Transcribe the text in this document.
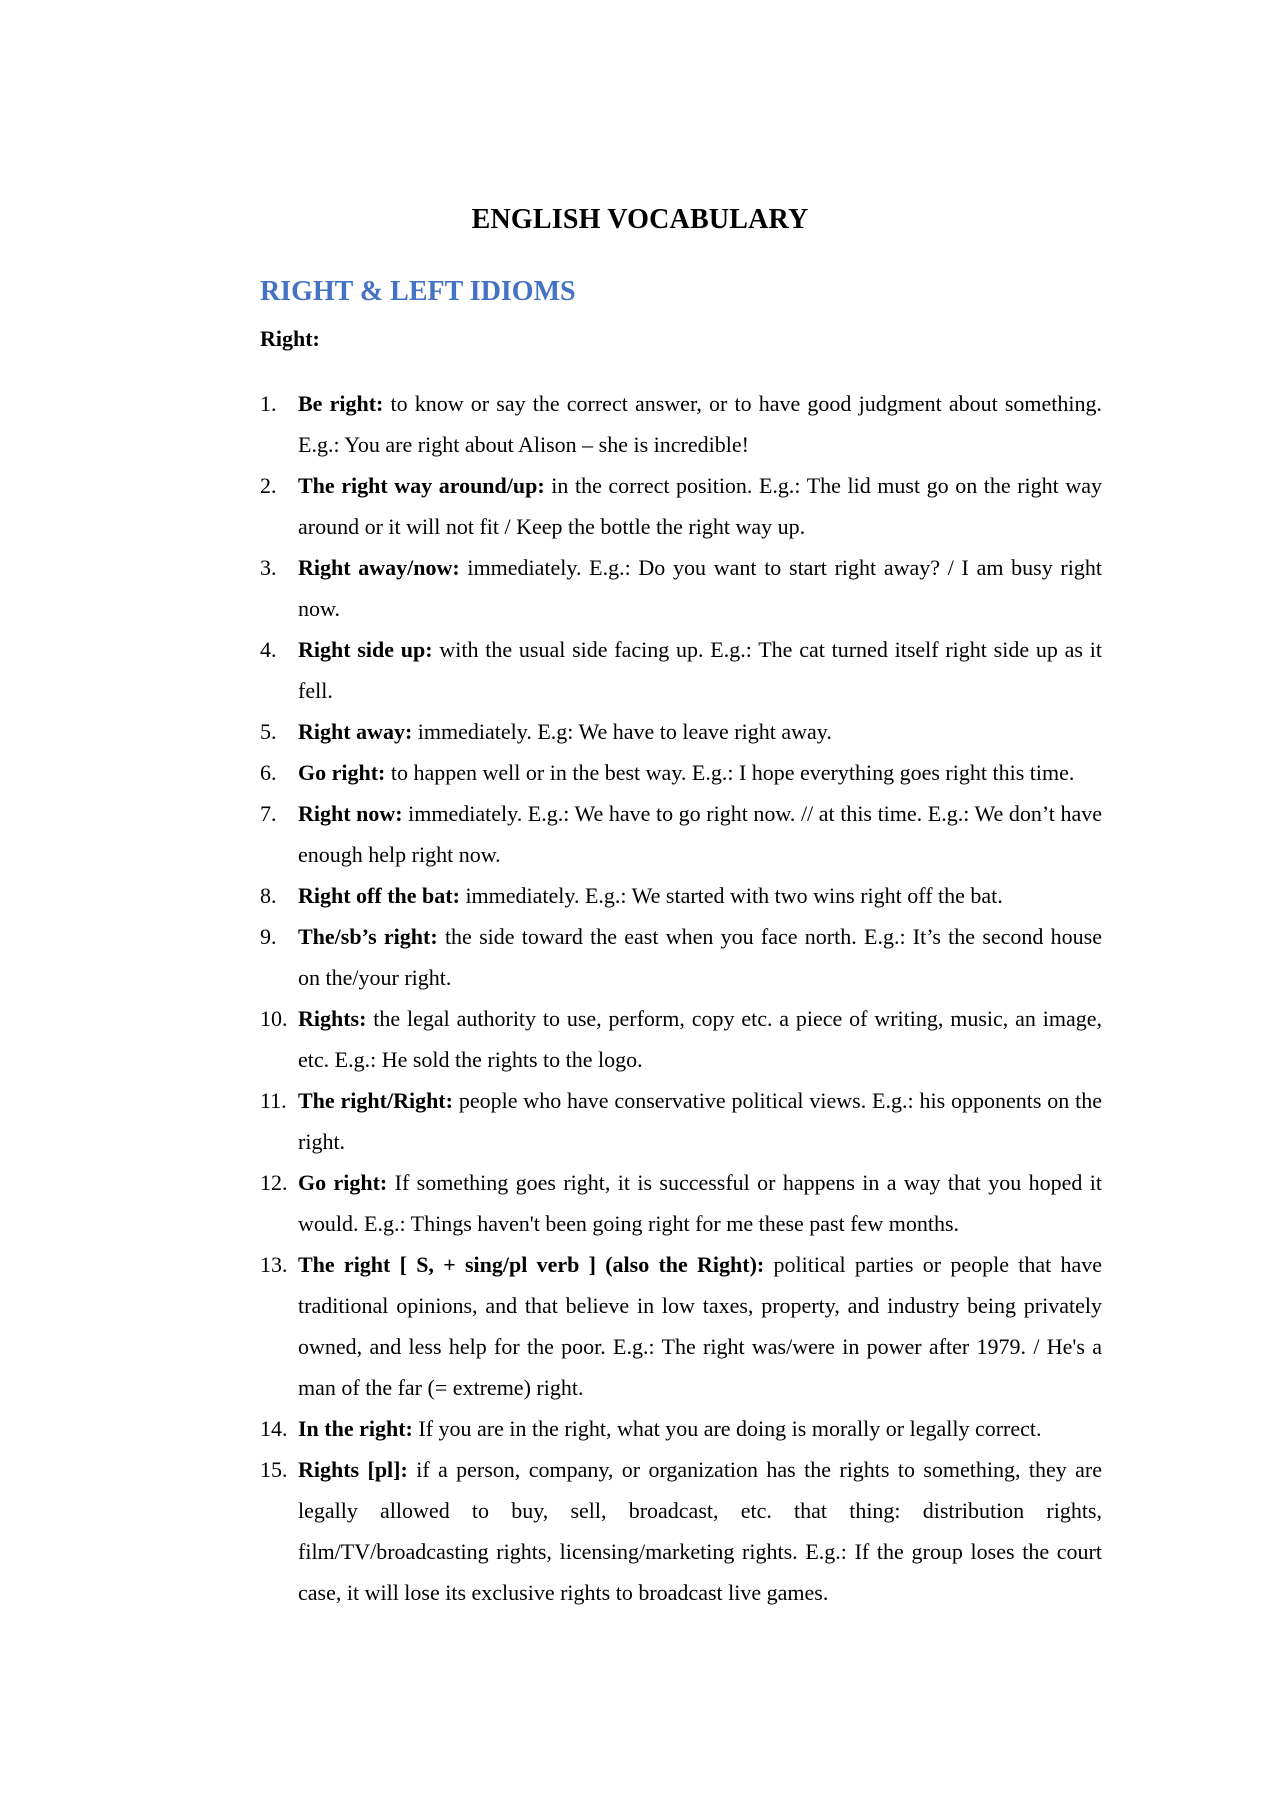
ENGLISH VOCABULARY
RIGHT & LEFT IDIOMS
Right:
1. Be right: to know or say the correct answer, or to have good judgment about something. E.g.: You are right about Alison – she is incredible!
2. The right way around/up: in the correct position. E.g.: The lid must go on the right way around or it will not fit / Keep the bottle the right way up.
3. Right away/now: immediately. E.g.: Do you want to start right away? / I am busy right now.
4. Right side up: with the usual side facing up. E.g.: The cat turned itself right side up as it fell.
5. Right away: immediately. E.g: We have to leave right away.
6. Go right: to happen well or in the best way. E.g.: I hope everything goes right this time.
7. Right now: immediately. E.g.: We have to go right now. // at this time. E.g.: We don’t have enough help right now.
8. Right off the bat: immediately. E.g.: We started with two wins right off the bat.
9. The/sb’s right: the side toward the east when you face north. E.g.: It’s the second house on the/your right.
10. Rights: the legal authority to use, perform, copy etc. a piece of writing, music, an image, etc. E.g.: He sold the rights to the logo.
11. The right/Right: people who have conservative political views. E.g.: his opponents on the right.
12. Go right: If something goes right, it is successful or happens in a way that you hoped it would. E.g.: Things haven't been going right for me these past few months.
13. The right [ S, + sing/pl verb ] (also the Right): political parties or people that have traditional opinions, and that believe in low taxes, property, and industry being privately owned, and less help for the poor. E.g.: The right was/were in power after 1979. / He's a man of the far (= extreme) right.
14. In the right: If you are in the right, what you are doing is morally or legally correct.
15. Rights [pl]: if a person, company, or organization has the rights to something, they are legally allowed to buy, sell, broadcast, etc. that thing: distribution rights, film/TV/broadcasting rights, licensing/marketing rights. E.g.: If the group loses the court case, it will lose its exclusive rights to broadcast live games.
